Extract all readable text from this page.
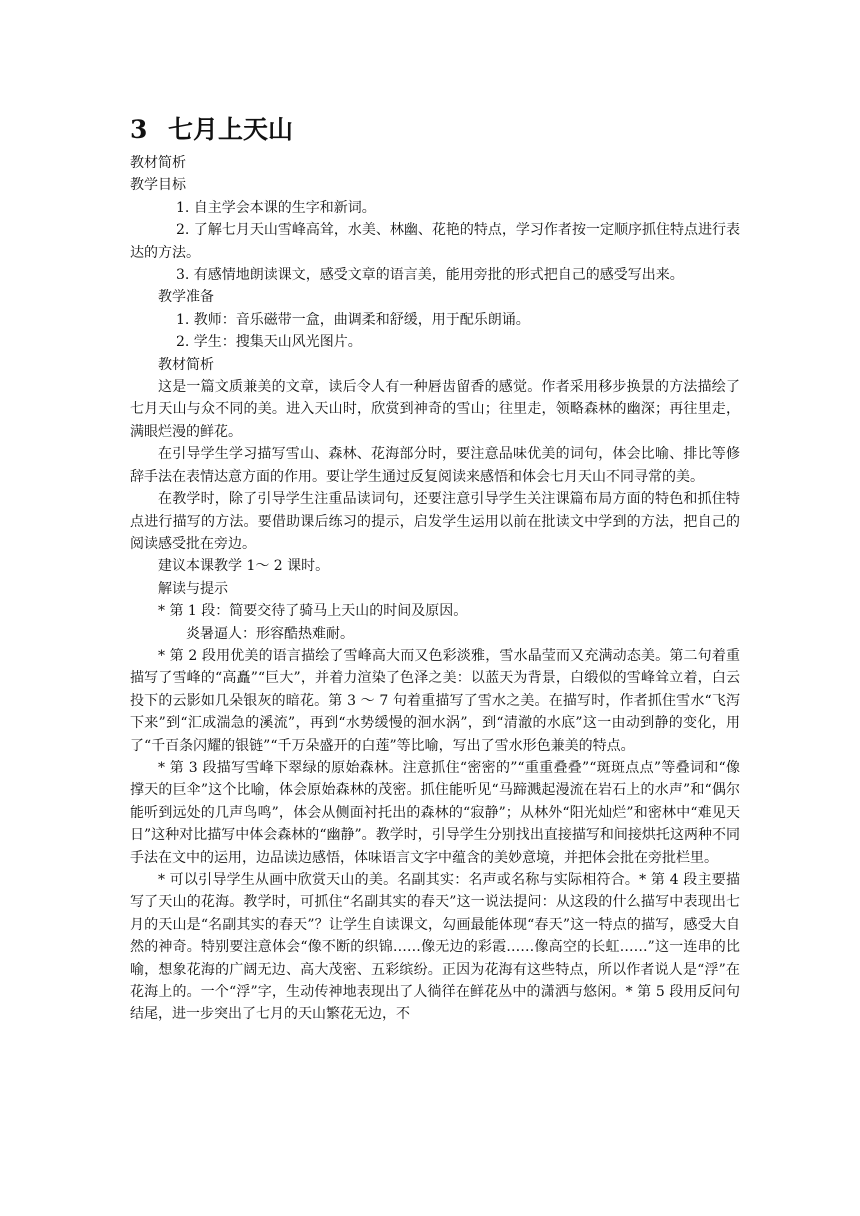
3 七月上天山

教材简析

教学目标

1. 自主学会本课的生字和新词。

2. 了解七月天山雪峰高耸，水美、林幽、花艳的特点，学习作者按一定顺序抓住特点进行表达的方法。

3. 有感情地朗读课文，感受文章的语言美，能用旁批的形式把自己的感受写出来。

教学准备

1. 教师：音乐磁带一盒，曲调柔和舒缓，用于配乐朗诵。

2. 学生：搜集天山风光图片。

教材简析

这是一篇文质兼美的文章，读后令人有一种唇齿留香的感觉。作者采用移步换景的方法描绘了七月天山与众不同的美。进入天山时，欣赏到神奇的雪山；往里走，领略森林的幽深；再往里走，满眼烂漫的鲜花。

在引导学生学习描写雪山、森林、花海部分时，要注意品味优美的词句，体会比喻、排比等修辞手法在表情达意方面的作用。要让学生通过反复阅读来感悟和体会七月天山不同寻常的美。

在教学时，除了引导学生注重品读词句，还要注意引导学生关注课篇布局方面的特色和抓住特点进行描写的方法。要借助课后练习的提示，启发学生运用以前在批读文中学到的方法，把自己的阅读感受批在旁边。

建议本课教学 1～ 2 课时。

解读与提示

* 第 1 段：简要交待了骑马上天山的时间及原因。

炎暑逼人：形容酷热难耐。

* 第 2 段用优美的语言描绘了雪峰高大而又色彩淡雅，雪水晶莹而又充满动态美。第二句着重描写了雪峰的“高矗”“巨大”，并着力渲染了色泽之美：以蓝天为背景，白缎似的雪峰耸立着，白云投下的云影如几朵银灰的暗花。第 3 ～ 7 句着重描写了雪水之美。在描写时，作者抓住雪水“飞泻下来”到“汇成湍急的溪流”，再到“水势缓慢的洄水涡”，到“清澈的水底”这一由动到静的变化，用了“千百条闪耀的银链”“千万朵盛开的白莲”等比喻，写出了雪水形色兼美的特点。

* 第 3 段描写雪峰下翠绿的原始森林。注意抓住“密密的”“重重叠叠”“斑斑点点”等叠词和“像撑天的巨伞”这个比喻，体会原始森林的茂密。抓住能听见“马蹄溅起漫流在岩石上的水声”和“偶尔能听到远处的几声鸟鸣”，体会从侧面衬托出的森林的“寂静”；从林外“阳光灿烂”和密林中“难见天日”这种对比描写中体会森林的“幽静”。教学时，引导学生分别找出直接描写和间接烘托这两种不同手法在文中的运用，边品读边感悟，体味语言文字中蕴含的美妙意境，并把体会批在旁批栏里。

* 可以引导学生从画中欣赏天山的美。名副其实：名声或名称与实际相符合。* 第 4 段主要描写了天山的花海。教学时，可抓住“名副其实的春天”这一说法提问：从这段的什么描写中表现出七月的天山是“名副其实的春天”？让学生自读课文，勾画最能体现“春天”这一特点的描写，感受大自然的神奇。特别要注意体会“像不断的织锦……像无边的彩霞……像高空的长虹……”这一连串的比喻，想象花海的广阔无边、高大茂密、五彩缤纷。正因为花海有这些特点，所以作者说人是“浮”在花海上的。一个“浮”字，生动传神地表现出了人徜徉在鲜花丛中的潇洒与悠闲。* 第 5 段用反问句结尾，进一步突出了七月的天山繁花无边，不
